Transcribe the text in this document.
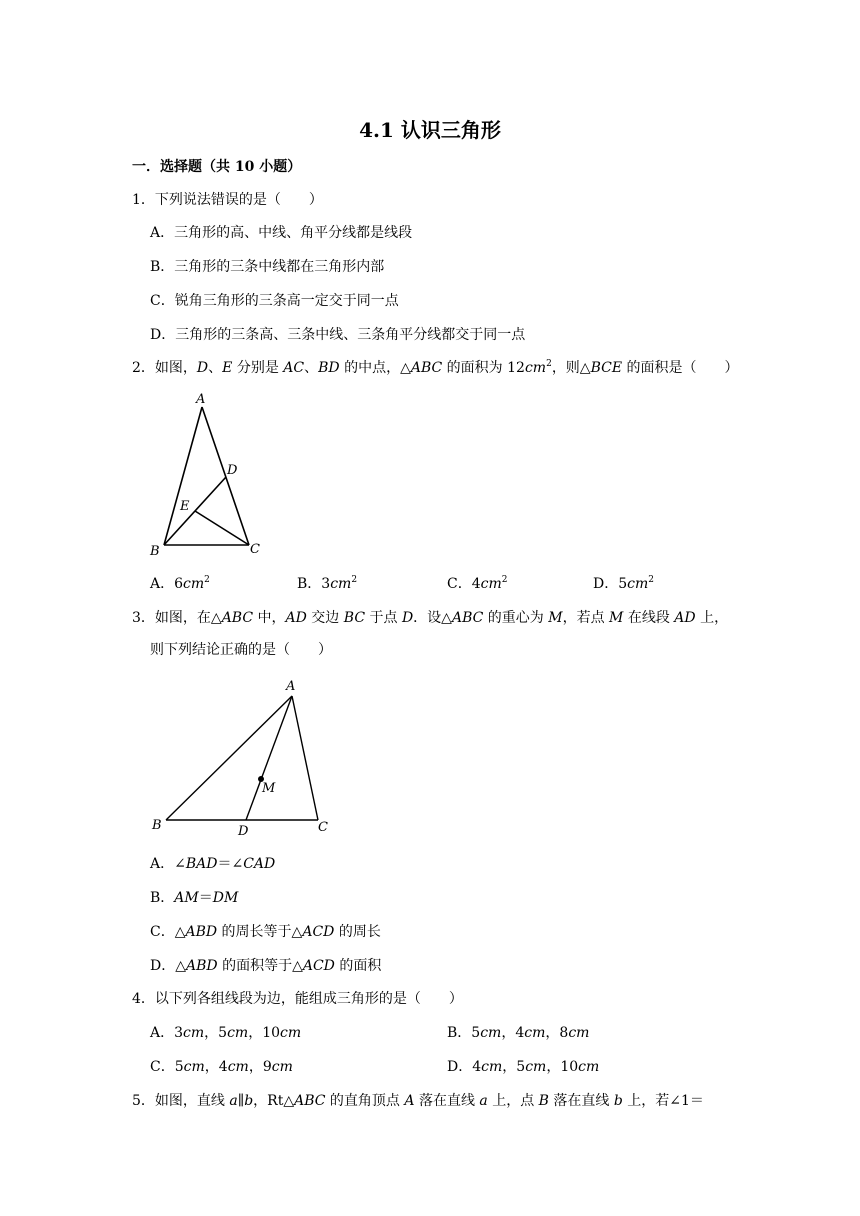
4.1 认识三角形
一．选择题（共 10 小题）
1．下列说法错误的是（　　）
A．三角形的高、中线、角平分线都是线段
B．三角形的三条中线都在三角形内部
C．锐角三角形的三条高一定交于同一点
D．三角形的三条高、三条中线、三条角平分线都交于同一点
2．如图，D、E 分别是 AC、BD 的中点，△ABC 的面积为 $12cm^2$，则△BCE 的面积是（　　）
A
D
E
B	C
A．$6cm^2$	B．$3cm^2$	C．$4cm^2$	D．$5cm^2$
3．如图，在△ABC 中，AD 交边 BC 于点 D．设△ABC 的重心为 M，若点 M 在线段 AD 上，
则下列结论正确的是（　　）
A
M
B	D	C
A．∠BAD＝∠CAD
B．AM＝DM
C．△ABD 的周长等于△ACD 的周长
D．△ABD 的面积等于△ACD 的面积
4．以下列各组线段为边，能组成三角形的是（　　）
A．3cm，5cm，10cm	B．5cm，4cm，8cm
C．5cm，4cm，9cm	D．4cm，5cm，10cm
5．如图，直线 a∥b，Rt△ABC 的直角顶点 A 落在直线 a 上，点 B 落在直线 b 上，若∠1＝
